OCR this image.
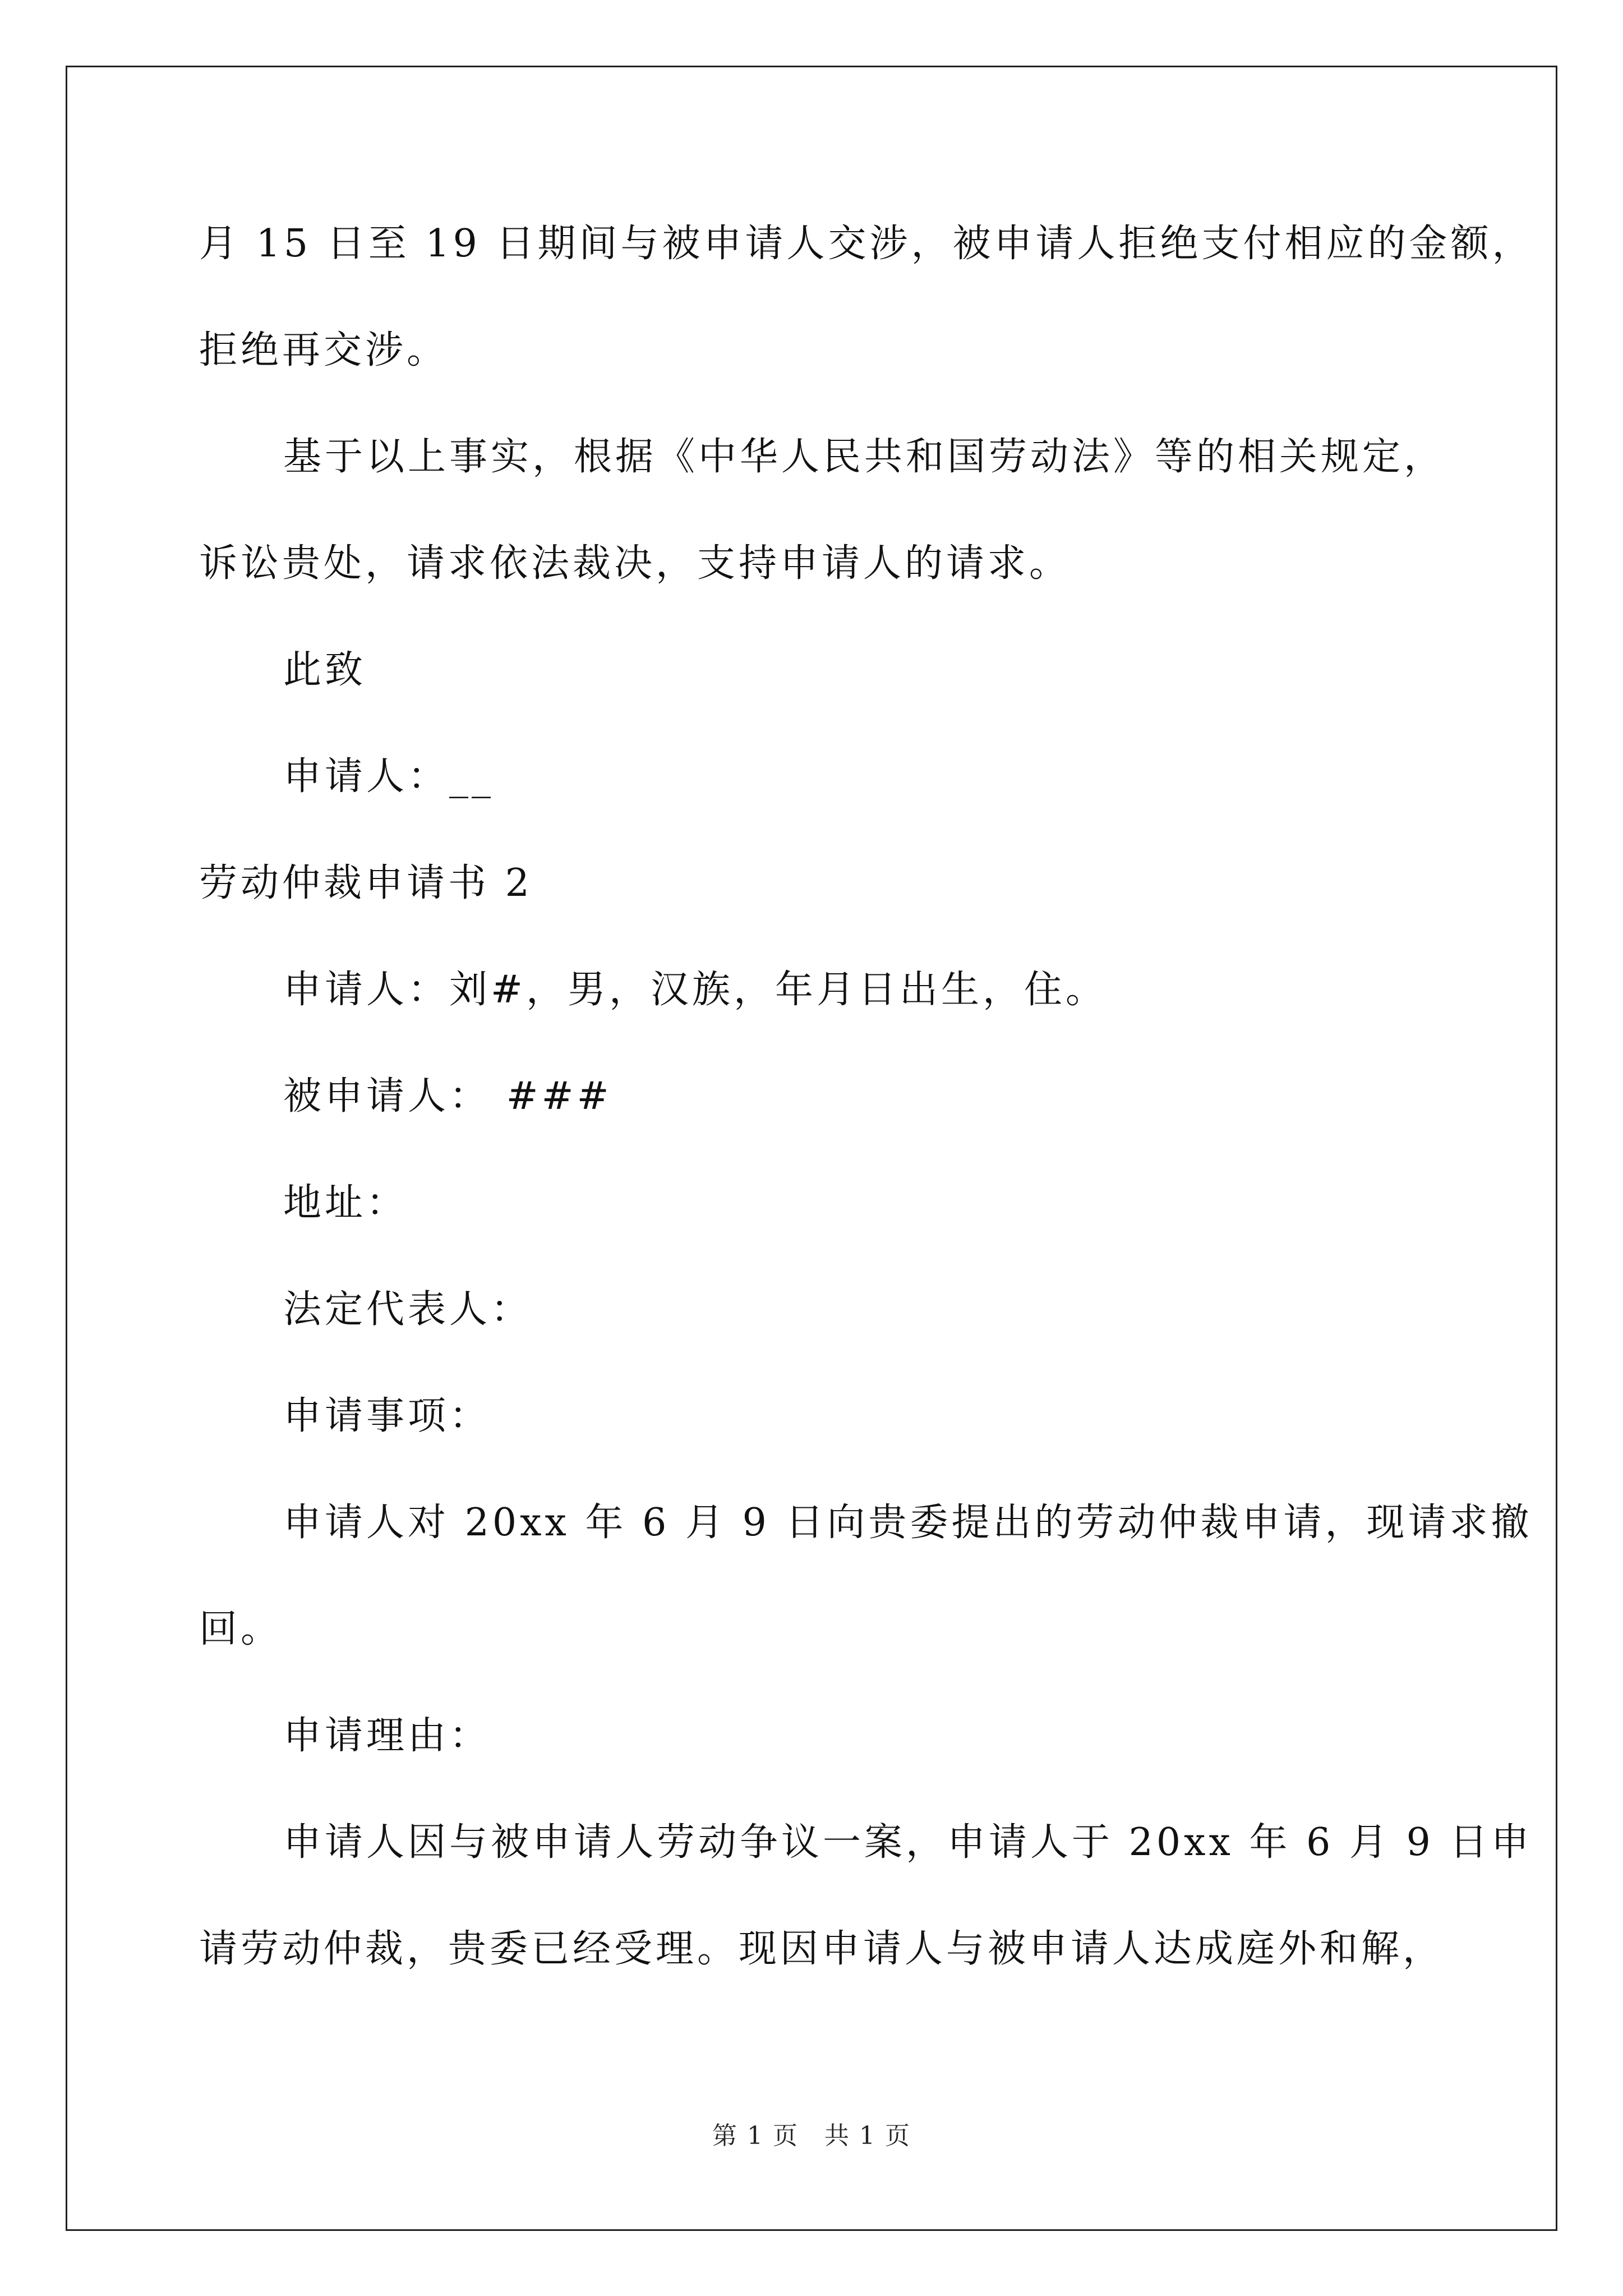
月 15 日至 19 日期间与被申请人交涉，被申请人拒绝支付相应的金额，
拒绝再交涉。
基于以上事实，根据《中华人民共和国劳动法》等的相关规定，
诉讼贵处，请求依法裁决，支持申请人的请求。
此致
申请人：__
劳动仲裁申请书 2
申请人：刘#，男，汉族，年月日出生，住。
被申请人： ###
地址：
法定代表人：
申请事项：
申请人对 20xx 年 6 月 9 日向贵委提出的劳动仲裁申请，现请求撤
回。
申请理由：
申请人因与被申请人劳动争议一案，申请人于 20xx 年 6 月 9 日申
请劳动仲裁，贵委已经受理。现因申请人与被申请人达成庭外和解，
第 1 页 共 1 页
